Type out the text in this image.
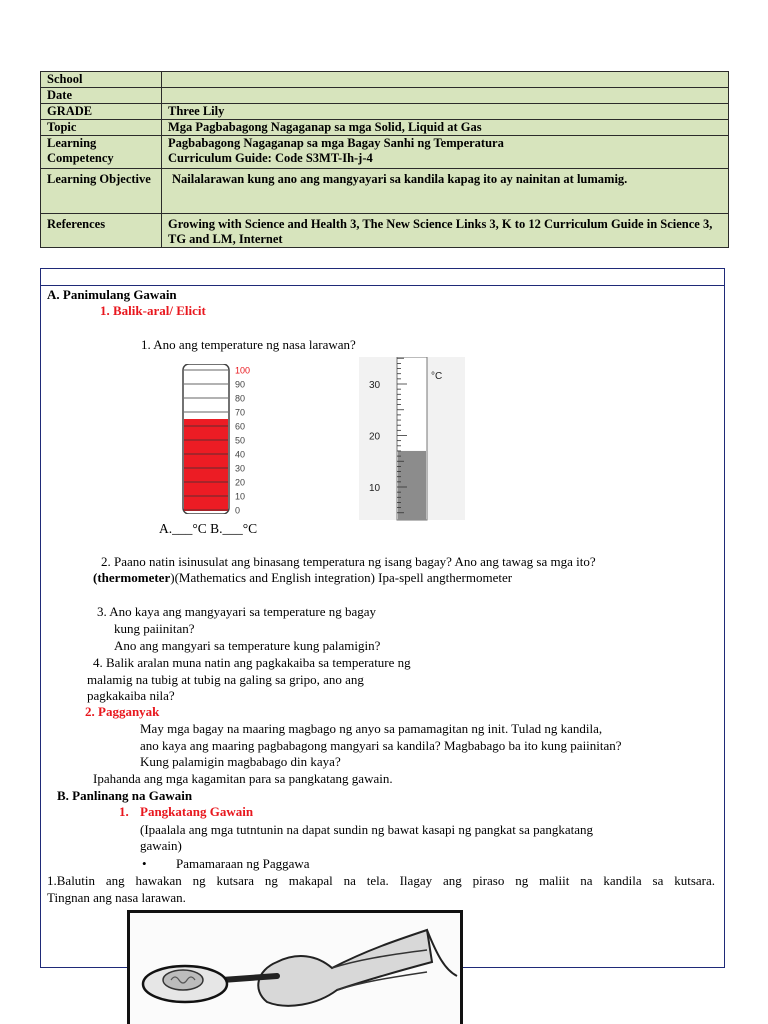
School	
Date	
GRADE	Three Lily
Topic	Mga Pagbabagong Nagaganap sa mga Solid, Liquid at Gas
Learning Competency	Pagbabagong Nagaganap sa mga Bagay Sanhi ng Temperatura
Curriculum Guide: Code S3MT-Ih-j-4

Learning Objective	Nailalarawan kung ano ang mangyayari sa kandila kapag ito ay nainitan at lumamig.
References	Growing with Science and Health 3, The New Science Links 3, K to 12 Curriculum Guide in Science 3, TG and LM, Internet
A. Panimulang Gawain
1. Balik-aral/ Elicit
1. Ano ang temperature ng nasa larawan?
100
90
80
70
60
50
40
30
20
10
0
30
20
10
°C
A.___°C B.___°C
2. Paano natin isinusulat ang binasang temperatura ng isang bagay? Ano ang tawag sa mga ito?
(thermometer)(Mathematics and English integration) Ipa-spell angthermometer
3. Ano kaya ang mangyayari sa temperature ng bagay
kung paiinitan?
Ano ang mangyari sa temperature kung palamigin?
4. Balik aralan muna natin ang pagkakaiba sa temperature ng
malamig na tubig at tubig na galing sa gripo, ano ang
pagkakaiba nila?
2. Pagganyak
May mga bagay na maaring magbago ng anyo sa pamamagitan ng init. Tulad ng kandila,
ano kaya ang maaring pagbabagong mangyari sa kandila? Magbabago ba ito kung paiinitan?
Kung palamigin magbabago din kaya?
Ipahanda ang mga kagamitan para sa pangkatang gawain.
B. Panlinang na Gawain
1. Pangkatang Gawain
(Ipaalala ang mga tutntunin na dapat sundin ng bawat kasapi ng pangkat sa pangkatang
gawain)
• Pamamaraan ng Paggawa
1.Balutin ang hawakan ng kutsara ng makapal na tela. Ilagay ang piraso ng maliit na kandila sa kutsara.
Tingnan ang nasa larawan.
